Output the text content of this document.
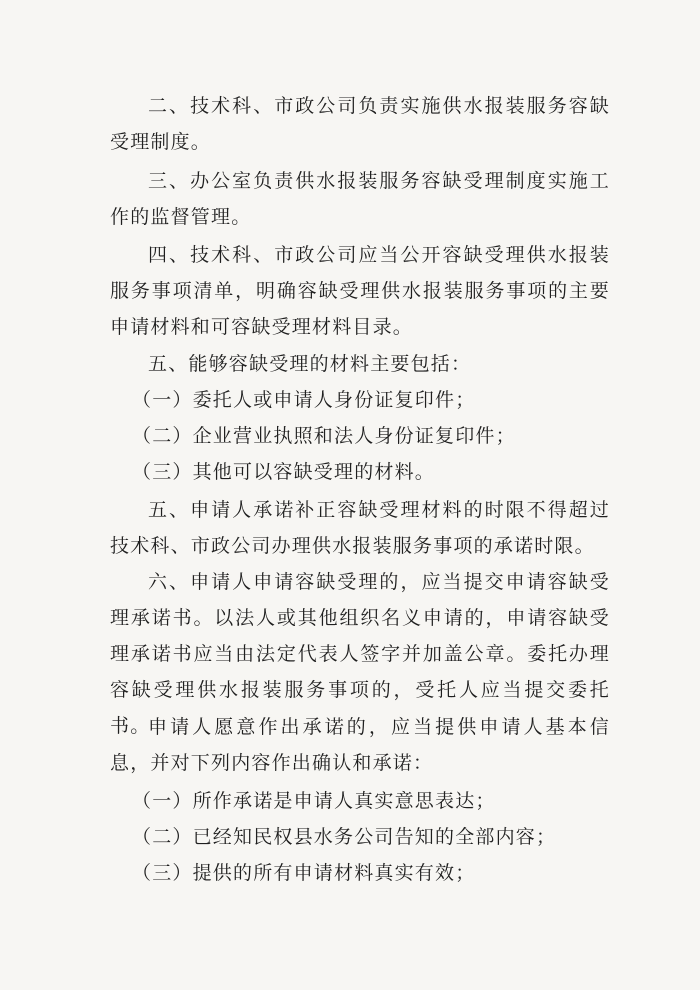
二、技术科、市政公司负责实施供水报装服务容缺受理制度。

三、办公室负责供水报装服务容缺受理制度实施工作的监督管理。

四、技术科、市政公司应当公开容缺受理供水报装服务事项清单，明确容缺受理供水报装服务事项的主要申请材料和可容缺受理材料目录。

五、能够容缺受理的材料主要包括：

（一）委托人或申请人身份证复印件；

（二）企业营业执照和法人身份证复印件；

（三）其他可以容缺受理的材料。

五、申请人承诺补正容缺受理材料的时限不得超过技术科、市政公司办理供水报装服务事项的承诺时限。

六、申请人申请容缺受理的，应当提交申请容缺受理承诺书。以法人或其他组织名义申请的，申请容缺受理承诺书应当由法定代表人签字并加盖公章。委托办理容缺受理供水报装服务事项的，受托人应当提交委托书。

申请人愿意作出承诺的，应当提供申请人基本信息，并对下列内容作出确认和承诺：

（一）所作承诺是申请人真实意思表达；

（二）已经知民权县水务公司告知的全部内容；

（三）提供的所有申请材料真实有效；
